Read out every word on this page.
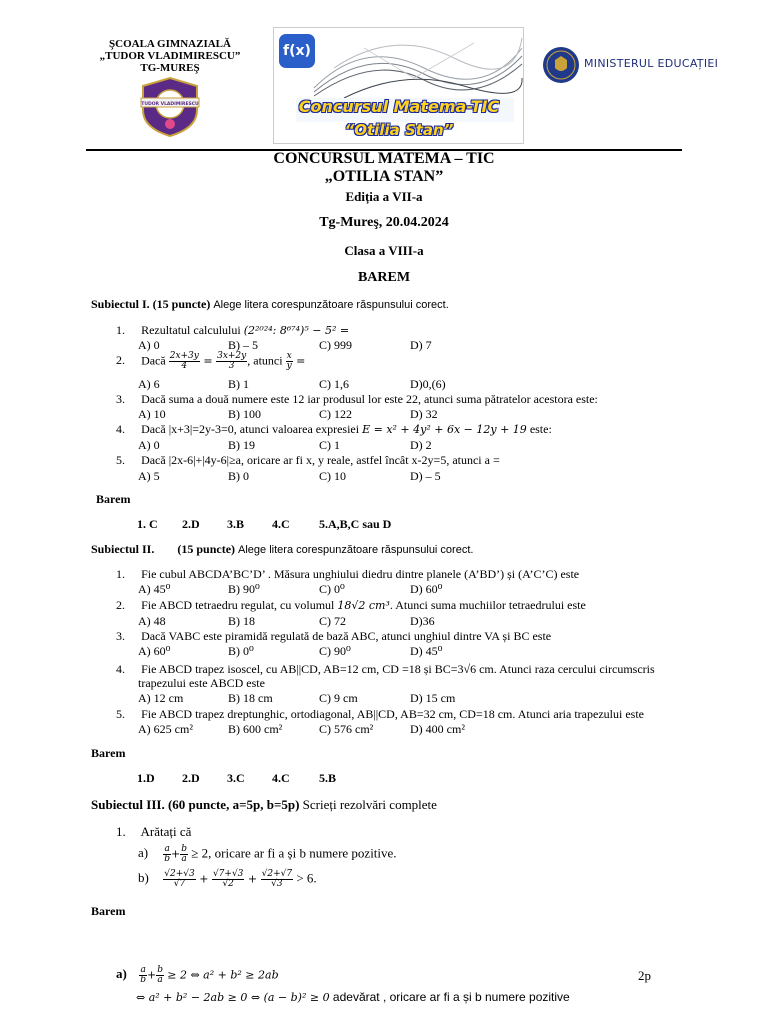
ŞCOALA GIMNAZIALĂ
„TUDOR VLADIMIRESCU”
TG-MUREŞ
TUDOR VLADIMIRESCU
f(x)
Concursul Matema-TIC
“Otilia Stan”
MINISTERUL EDUCAȚIEI
CONCURSUL MATEMA – TIC
„OTILIA STAN”
Ediția a VII-a
Tg-Mureş, 20.04.2024
Clasa a VIII-a
BAREM
Subiectul I. (15 puncte) Alege litera corespunzătoare răspunsului corect.
1. Rezultatul calculului (2²⁰²⁴: 8⁶⁷⁴)⁵ − 5² =
A) 0	B) – 5	C) 999	D) 7
2. Dacă $\frac{2x+3y}{4} = \frac{3x+2y}{3}$ , atunci $\frac{x}{y}$ =
A) 6	B) 1	C) 1,6	D)0,(6)
3. Dacă suma a două numere este 12 iar produsul lor este 22, atunci suma pătratelor acestora este:
A) 10	B) 100	C) 122	D) 32
4. Dacă |x+3|=2y-3=0, atunci valoarea expresiei E = x² + 4y² + 6x − 12y + 19 este:
A) 0	B) 19	C) 1	D) 2
5. Dacă |2x-6|+|4y-6|≥a, oricare ar fi x, y reale, astfel încât x-2y=5, atunci a =
A) 5	B) 0	C) 10	D) – 5
Barem
1. C 2.D 3.B 4.C 5.A,B,C sau D
Subiectul II. (15 puncte) Alege litera corespunzătoare răspunsului corect.
1. Fie cubul ABCDA’BC’D’ . Măsura unghiului diedru dintre planele (A’BD’) și (A’C’C) este
A) 45⁰	B) 90⁰	C) 0⁰	D) 60⁰
2. Fie ABCD tetraedru regulat, cu volumul 18√2 cm³. Atunci suma muchiilor tetraedrului este
A) 48	B) 18	C) 72	D)36
3. Dacă VABC este piramidă regulată de bază ABC, atunci unghiul dintre VA și BC este
A) 60⁰	B) 0⁰	C) 90⁰	D) 45⁰
4. Fie ABCD trapez isoscel, cu AB||CD, AB=12 cm, CD =18 și BC=3√6 cm. Atunci raza cercului circumscris
trapezului este ABCD este
A) 12 cm	B) 18 cm	C) 9 cm	D) 15 cm
5. Fie ABCD trapez dreptunghic, ortodiagonal, AB||CD, AB=32 cm, CD=18 cm. Atunci aria trapezului este
A) 625 cm²	B) 600 cm²	C) 576 cm²	D) 400 cm²
Barem
1.D 2.D 3.C 4.C 5.B
Subiectul III. (60 puncte, a=5p, b=5p) Scrieți rezolvări complete
1. Arătați că
$a) \frac{a}{b} + \frac{b}{a} \ge 2$, oricare ar fi a și b numere pozitive.
$b) \frac{√2+√3}{√7} + \frac{√7+√3}{√2} + \frac{√2+√7}{√3} > 6$.
Barem
$a) \frac{a}{b} + \frac{b}{a} \ge 2$ ⇔ a² + b² ≥ 2ab	2p
⇔ a² + b² − 2ab ≥ 0 ⇔ (a − b)² ≥ 0 adevărat , oricare ar fi a și b numere pozitive
